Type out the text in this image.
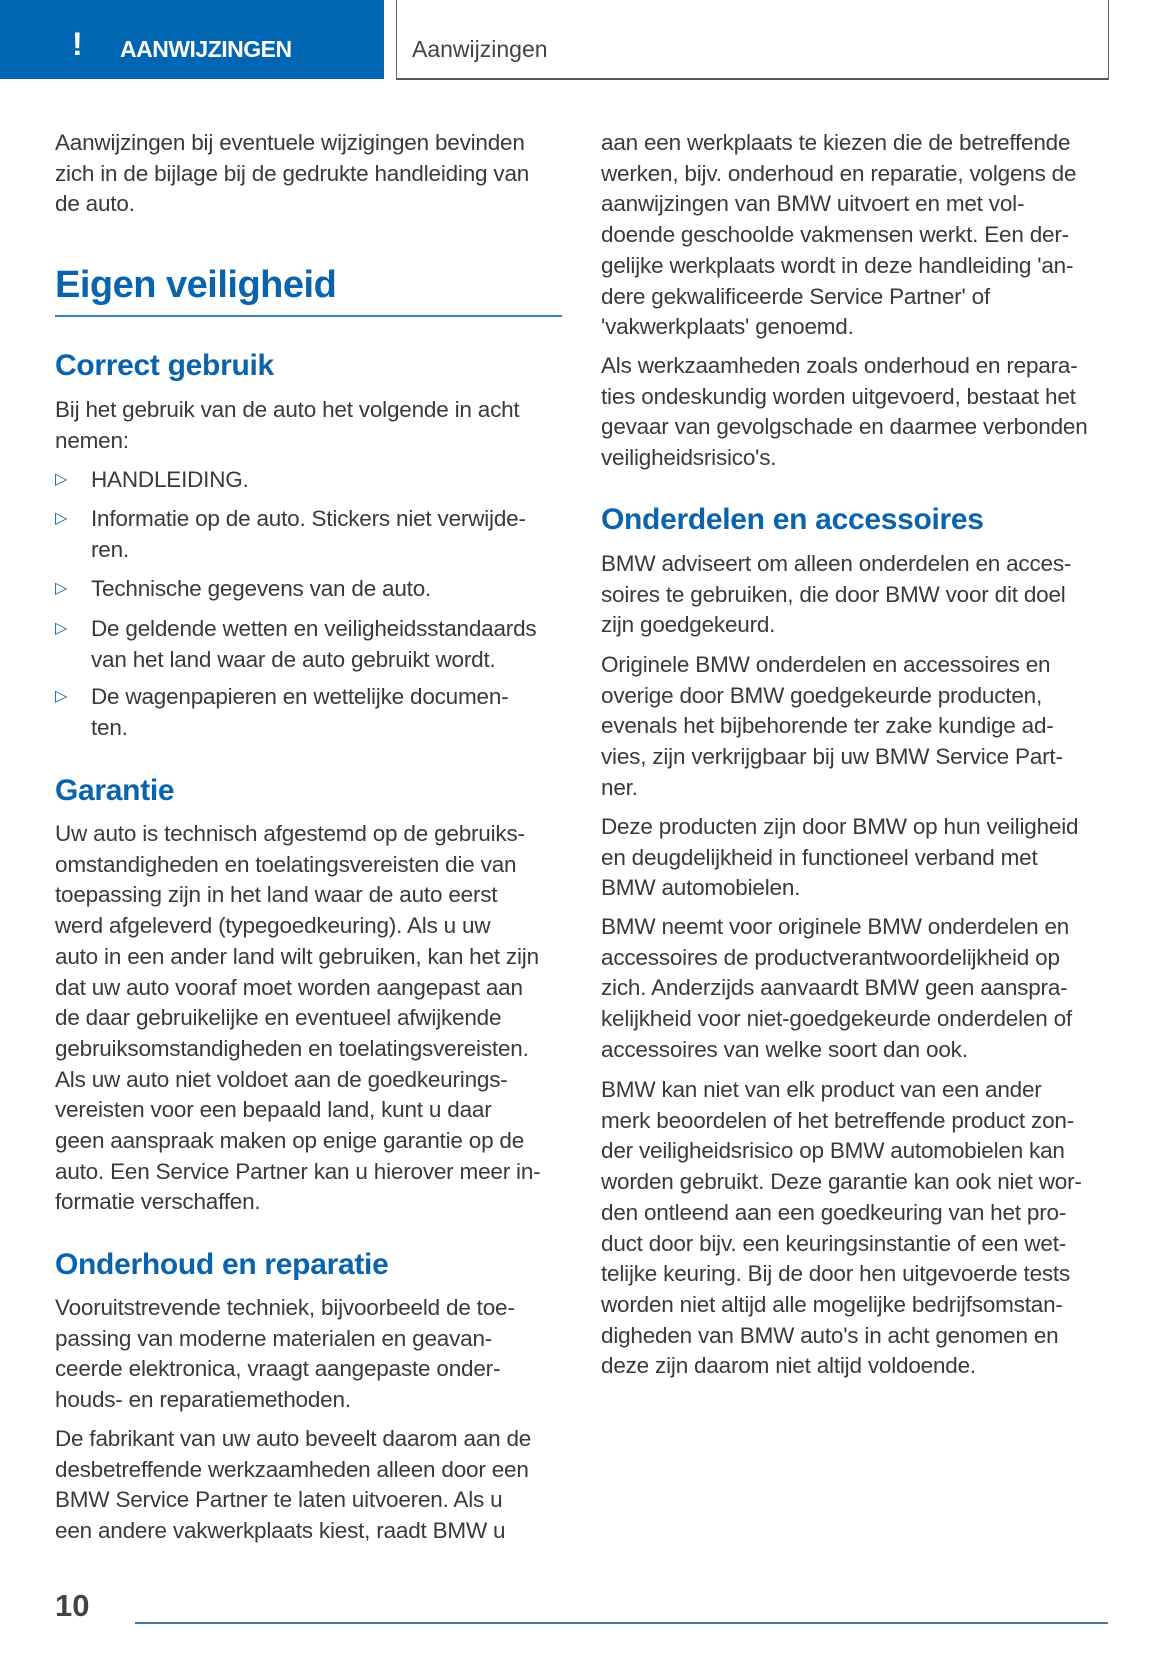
! AANWIJZINGEN	Aanwijzingen
Aanwijzingen bij eventuele wijzigingen bevinden
zich in de bijlage bij de gedrukte handleiding van
de auto.
Eigen veiligheid
Correct gebruik
Bij het gebruik van de auto het volgende in acht
nemen:
▷ HANDLEIDING.
▷ Informatie op de auto. Stickers niet verwijde-
ren.
▷ Technische gegevens van de auto.
▷ De geldende wetten en veiligheidsstandaards
van het land waar de auto gebruikt wordt.
▷ De wagenpapieren en wettelijke documen-
ten.
Garantie
Uw auto is technisch afgestemd op de gebruiks-
omstandigheden en toelatingsvereisten die van
toepassing zijn in het land waar de auto eerst
werd afgeleverd (typegoedkeuring). Als u uw
auto in een ander land wilt gebruiken, kan het zijn
dat uw auto vooraf moet worden aangepast aan
de daar gebruikelijke en eventueel afwijkende
gebruiksomstandigheden en toelatingsvereisten.
Als uw auto niet voldoet aan de goedkeurings-
vereisten voor een bepaald land, kunt u daar
geen aanspraak maken op enige garantie op de
auto. Een Service Partner kan u hierover meer in-
formatie verschaffen.
Onderhoud en reparatie
Vooruitstrevende techniek, bijvoorbeeld de toe-
passing van moderne materialen en geavan-
ceerde elektronica, vraagt aangepaste onder-
houds- en reparatiemethoden.
De fabrikant van uw auto beveelt daarom aan de
desbetreffende werkzaamheden alleen door een
BMW Service Partner te laten uitvoeren. Als u
een andere vakwerkplaats kiest, raadt BMW u
aan een werkplaats te kiezen die de betreffende
werken, bijv. onderhoud en reparatie, volgens de
aanwijzingen van BMW uitvoert en met vol-
doende geschoolde vakmensen werkt. Een der-
gelijke werkplaats wordt in deze handleiding 'an-
dere gekwalificeerde Service Partner' of
'vakwerkplaats' genoemd.
Als werkzaamheden zoals onderhoud en repara-
ties ondeskundig worden uitgevoerd, bestaat het
gevaar van gevolgschade en daarmee verbonden
veiligheidsrisico's.
Onderdelen en accessoires
BMW adviseert om alleen onderdelen en acces-
soires te gebruiken, die door BMW voor dit doel
zijn goedgekeurd.
Originele BMW onderdelen en accessoires en
overige door BMW goedgekeurde producten,
evenals het bijbehorende ter zake kundige ad-
vies, zijn verkrijgbaar bij uw BMW Service Part-
ner.
Deze producten zijn door BMW op hun veiligheid
en deugdelijkheid in functioneel verband met
BMW automobielen.
BMW neemt voor originele BMW onderdelen en
accessoires de productverantwoordelijkheid op
zich. Anderzijds aanvaardt BMW geen aanspra-
kelijkheid voor niet-goedgekeurde onderdelen of
accessoires van welke soort dan ook.
BMW kan niet van elk product van een ander
merk beoordelen of het betreffende product zon-
der veiligheidsrisico op BMW automobielen kan
worden gebruikt. Deze garantie kan ook niet wor-
den ontleend aan een goedkeuring van het pro-
duct door bijv. een keuringsinstantie of een wet-
telijke keuring. Bij de door hen uitgevoerde tests
worden niet altijd alle mogelijke bedrijfsomstan-
digheden van BMW auto's in acht genomen en
deze zijn daarom niet altijd voldoende.
10
